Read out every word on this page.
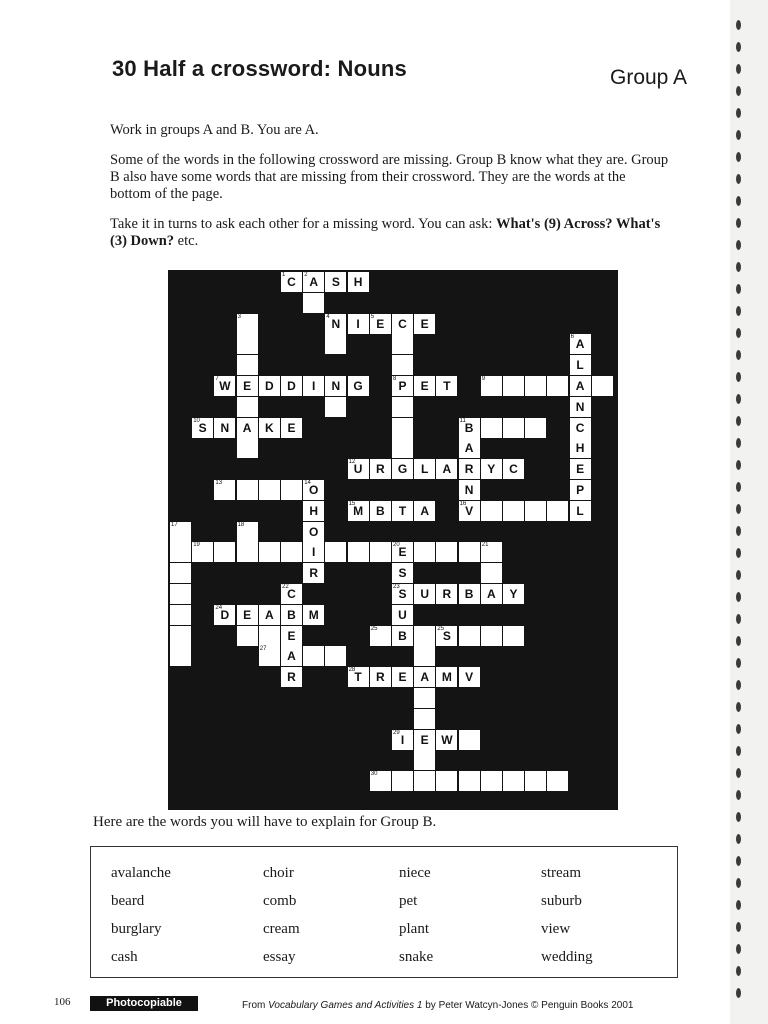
30 Half a crossword: Nouns	Group A

Work in groups A and B. You are A.

Some of the words in the following crossword are missing. Group B know what they are. Group B also have some words that are missing from their crossword. They are the words at the bottom of the page.

Take it in turns to ask each other for a missing word. You can ask: What's (9) Across? What's (3) Down? etc.

C
1 A
2 S H
3	N
4 I E
5 C E
W
7 E D D I N G	P
8 E T	9
S
10 N A K E	B
11
U
12 R G L A R Y C
13	O
14
M
15 B T A	V
16
A
6
L
A
N
C
H
E
P
L
A
N
H
O
I
R
17	18
19	E
20
S
S
23
U
B
21
U R B A Y
C
22
B
E
A
R
D
24 E A	M
25	S
25
27
T
28 R E A M V
I
29 E W
30
Here are the words you will have to explain for Group B.
avalanche
beard
burglary
cash
choir
comb
cream
essay
niece
pet
plant
snake
stream
suburb
view
wedding
106	Photocopiable	From Vocabulary Games and Activities 1 by Peter Watcyn-Jones © Penguin Books 2001
